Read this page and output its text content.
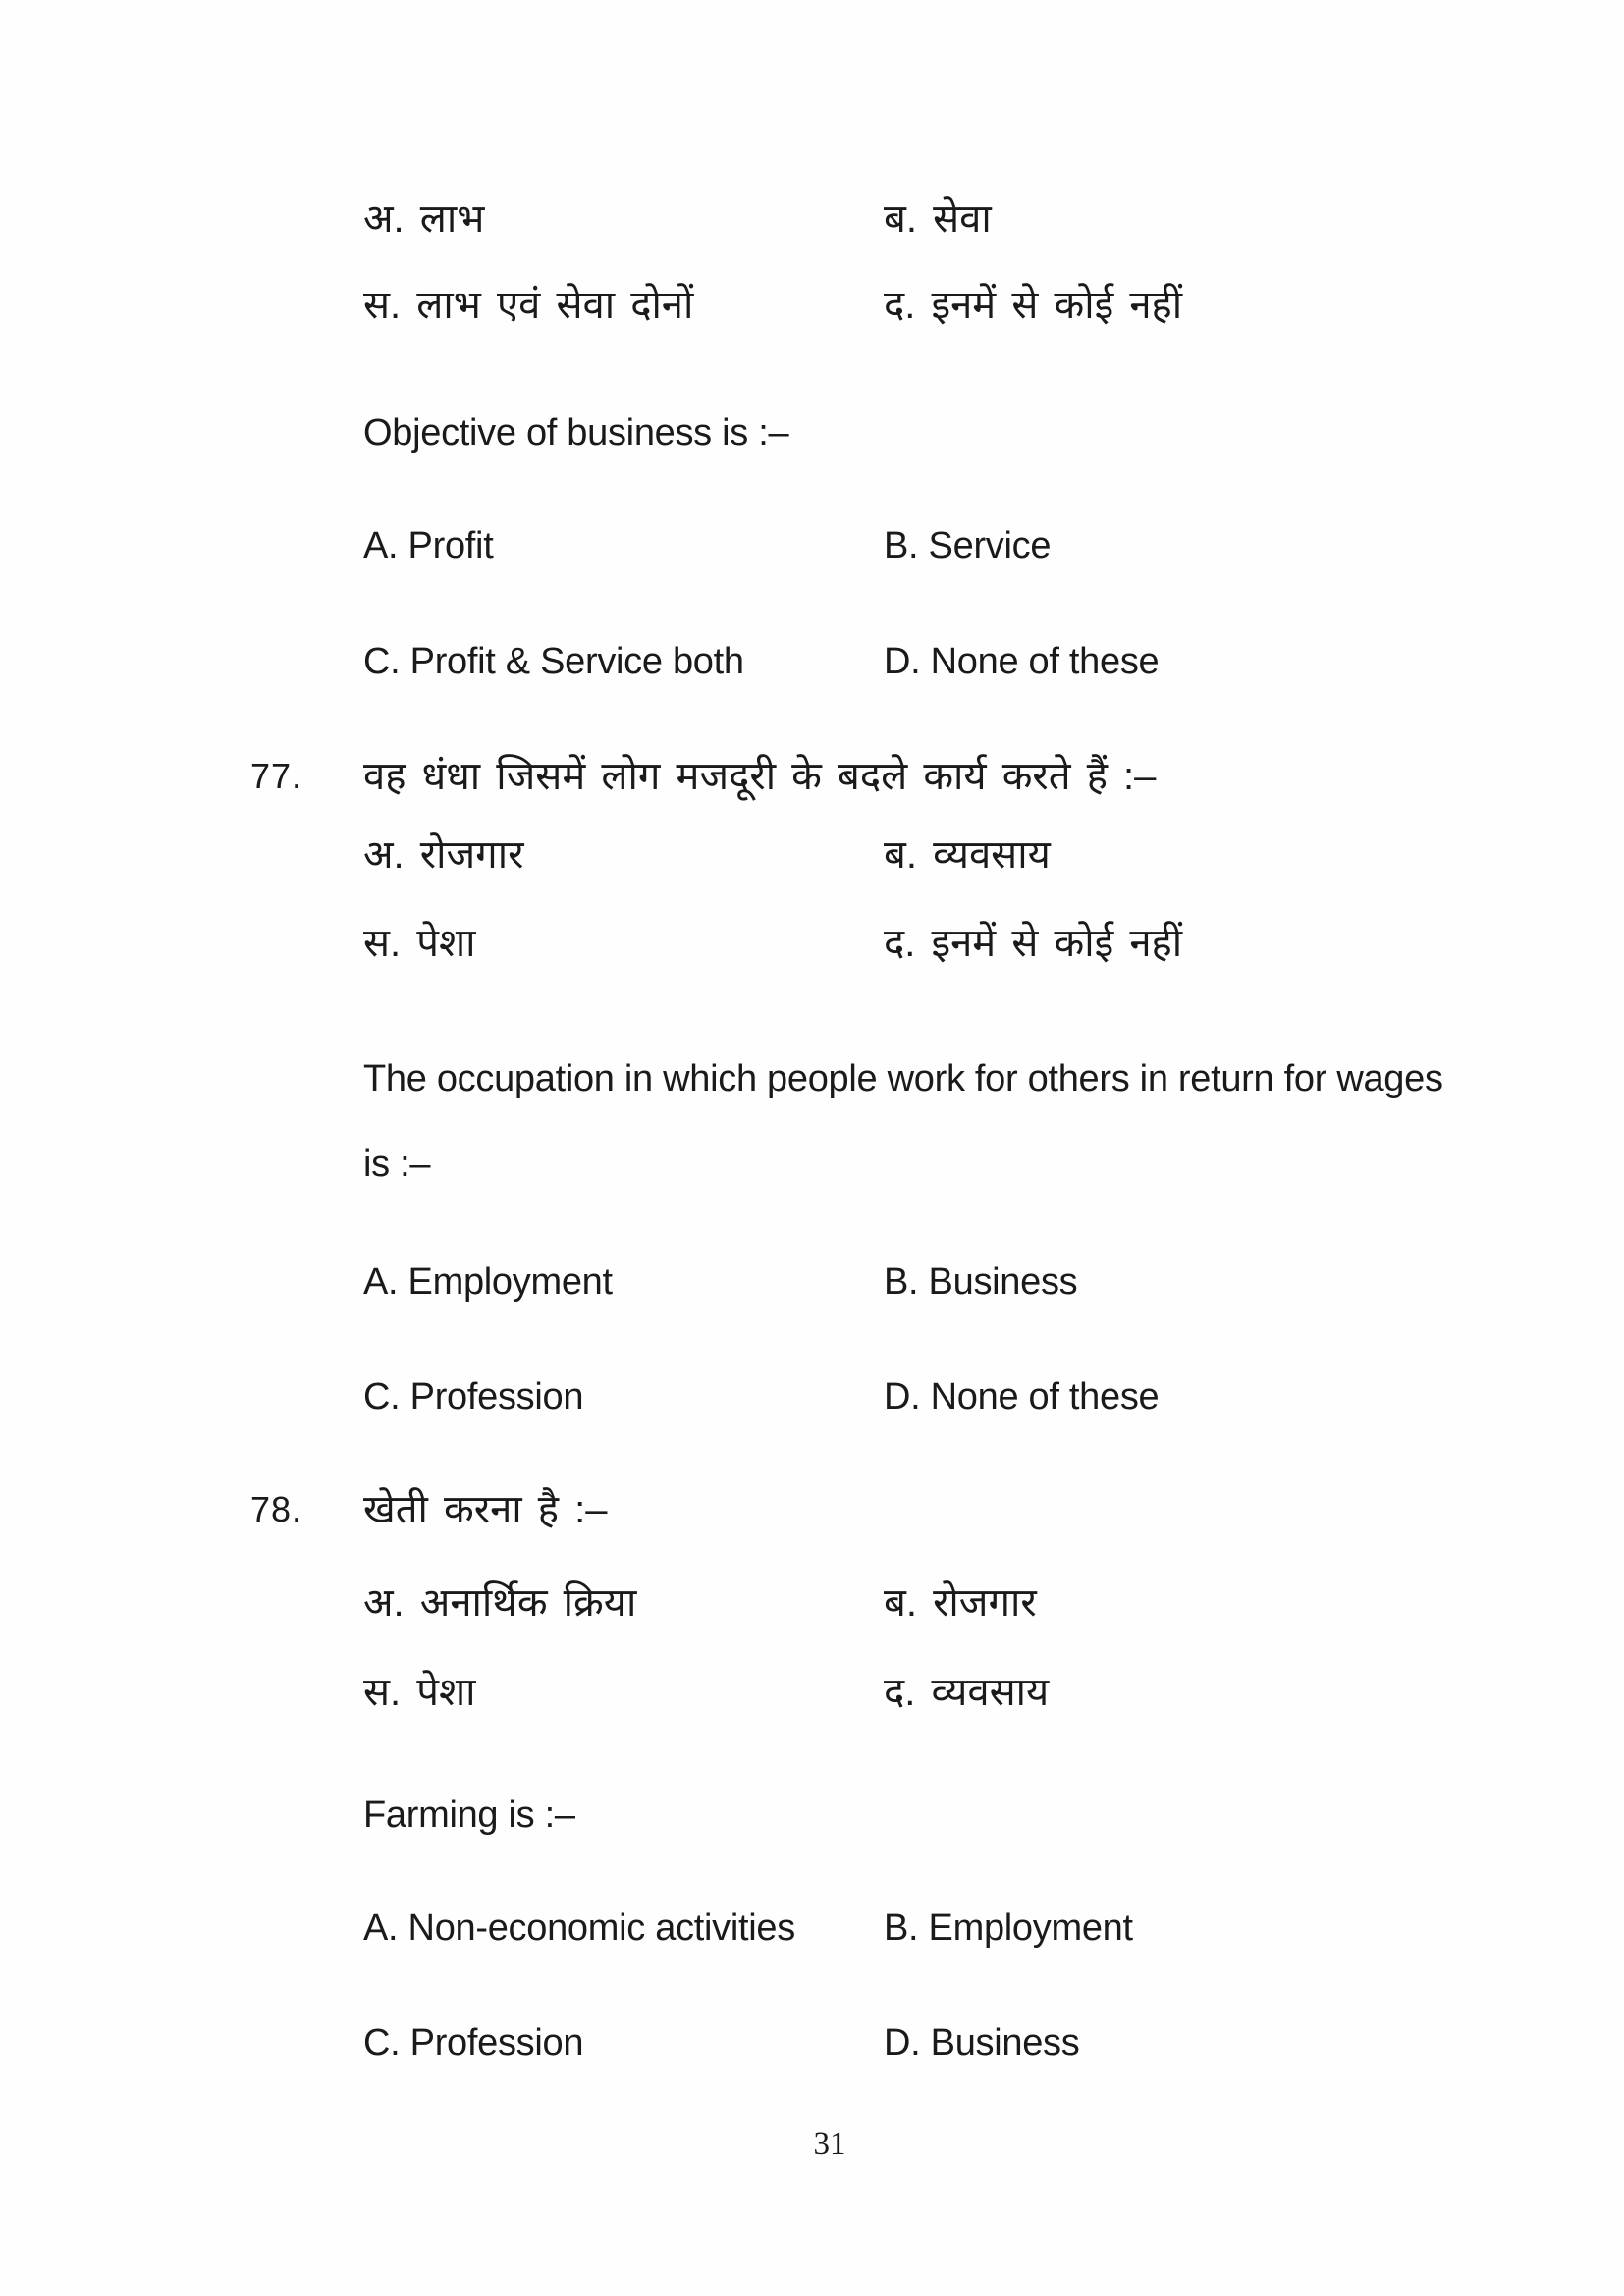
अ. लाभ	ब. सेवा
स. लाभ एवं सेवा दोनों	द. इनमें से कोई नहीं
Objective of business is :–
A. Profit	B. Service
C. Profit & Service both	D. None of these
77. वह धंधा जिसमें लोग मजदूरी के बदले कार्य करते हैं :–
अ. रोजगार	ब. व्यवसाय
स. पेशा	द. इनमें से कोई नहीं
The occupation in which people work for others in return for wages
is :–
A. Employment	B. Business
C. Profession	D. None of these
78. खेती करना है :–
अ. अनार्थिक क्रिया	ब. रोजगार
स. पेशा	द. व्यवसाय
Farming is :–
A. Non-economic activities B. Employment
C. Profession	D. Business
31
